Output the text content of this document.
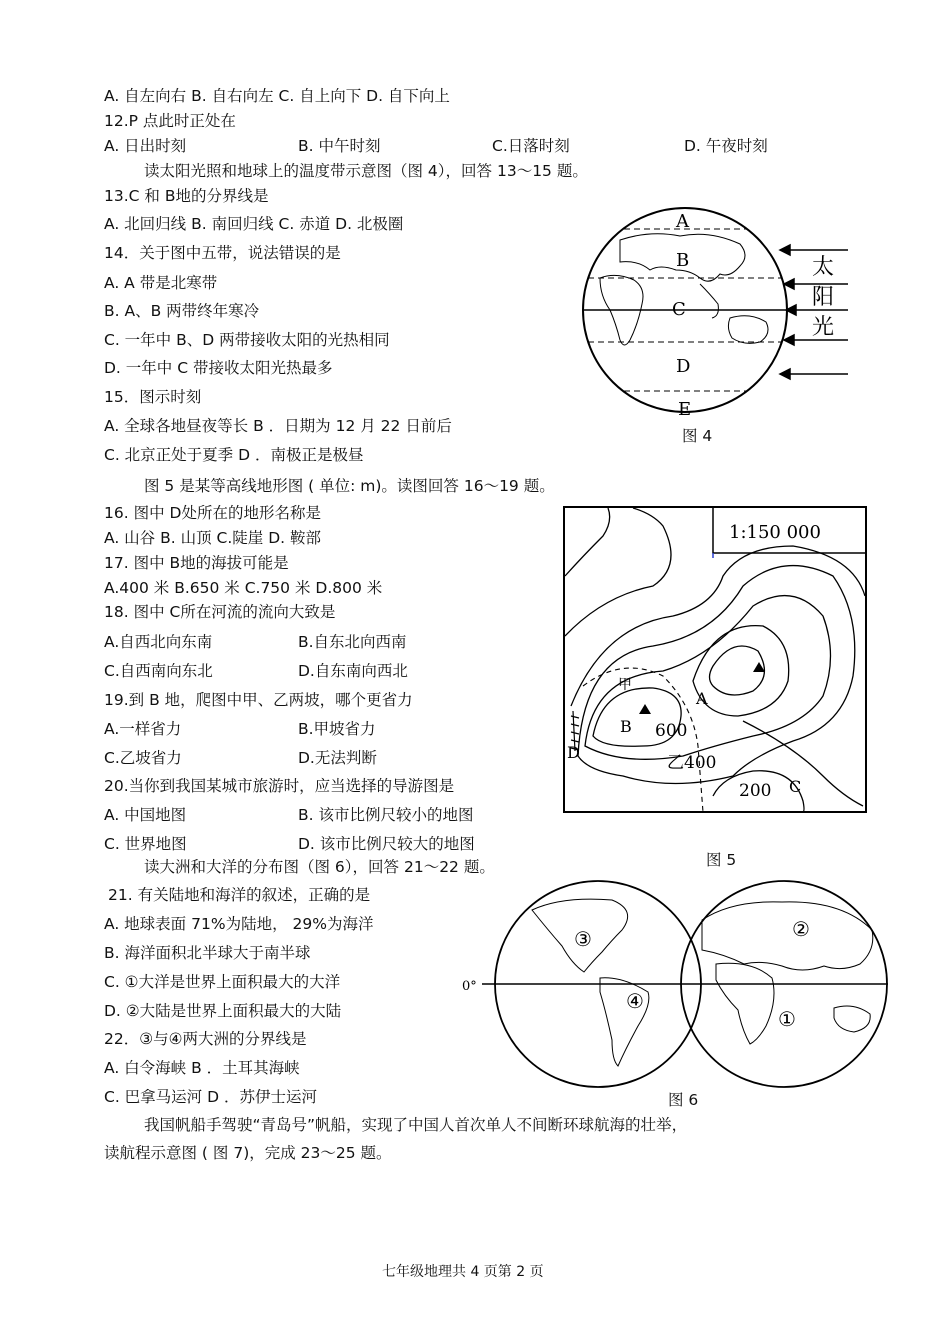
A. 自左向右 B. 自右向左 C. 自上向下 D. 自下向上
12.P 点此时正处在
A. 日出时刻	B. 中午时刻	C.日落时刻	D. 午夜时刻
读太阳光照和地球上的温度带示意图（图 4），回答 13～15 题。
13.C 和 B地的分界线是
A. 北回归线 B. 南回归线 C. 赤道 D. 北极圈
14．关于图中五带，说法错误的是
A. A 带是北寒带
B. A、B 两带终年寒冷
C. 一年中 B、D 两带接收太阳的光热相同
D. 一年中 C 带接收太阳光热最多
15．图示时刻
A. 全球各地昼夜等长 B ．日期为 12 月 22 日前后
C. 北京正处于夏季 D ．南极正是极昼
图 5 是某等高线地形图 ( 单位: m)。读图回答 16～19 题。
16. 图中 D处所在的地形名称是
A. 山谷 B. 山顶 C.陡崖 D. 鞍部
17. 图中 B地的海拔可能是
A.400 米 B.650 米 C.750 米 D.800 米
18. 图中 C所在河流的流向大致是
A.自西北向东南	B.自东北向西南
C.自西南向东北	D.自东南向西北
19.到 B 地，爬图中甲、乙两坡，哪个更省力
A.一样省力	B.甲坡省力
C.乙坡省力	D.无法判断
20.当你到我国某城市旅游时，应当选择的导游图是
A. 中国地图	B. 该市比例尺较小的地图
C. 世界地图	D. 该市比例尺较大的地图
读大洲和大洋的分布图（图 6），回答 21～22 题。
21. 有关陆地和海洋的叙述，正确的是
A. 地球表面 71%为陆地， 29%为海洋
B. 海洋面积北半球大于南半球
C. ①大洋是世界上面积最大的大洋
D. ②大陆是世界上面积最大的大陆
22．③与④两大洲的分界线是
A. 白令海峡 B ．土耳其海峡
C. 巴拿马运河 D ．苏伊士运河
我国帆船手驾驶“青岛号”帆船，实现了中国人首次单人不间断环球航海的壮举，
读航程示意图 ( 图 7)，完成 23～25 题。
A
B
C
D
E
太
阳
光
图 4
1:150 000
甲
A
B 600
D
乙400
200 C
图 5
0°
③
④
②
①
图 6
七年级地理共 4 页第 2 页
